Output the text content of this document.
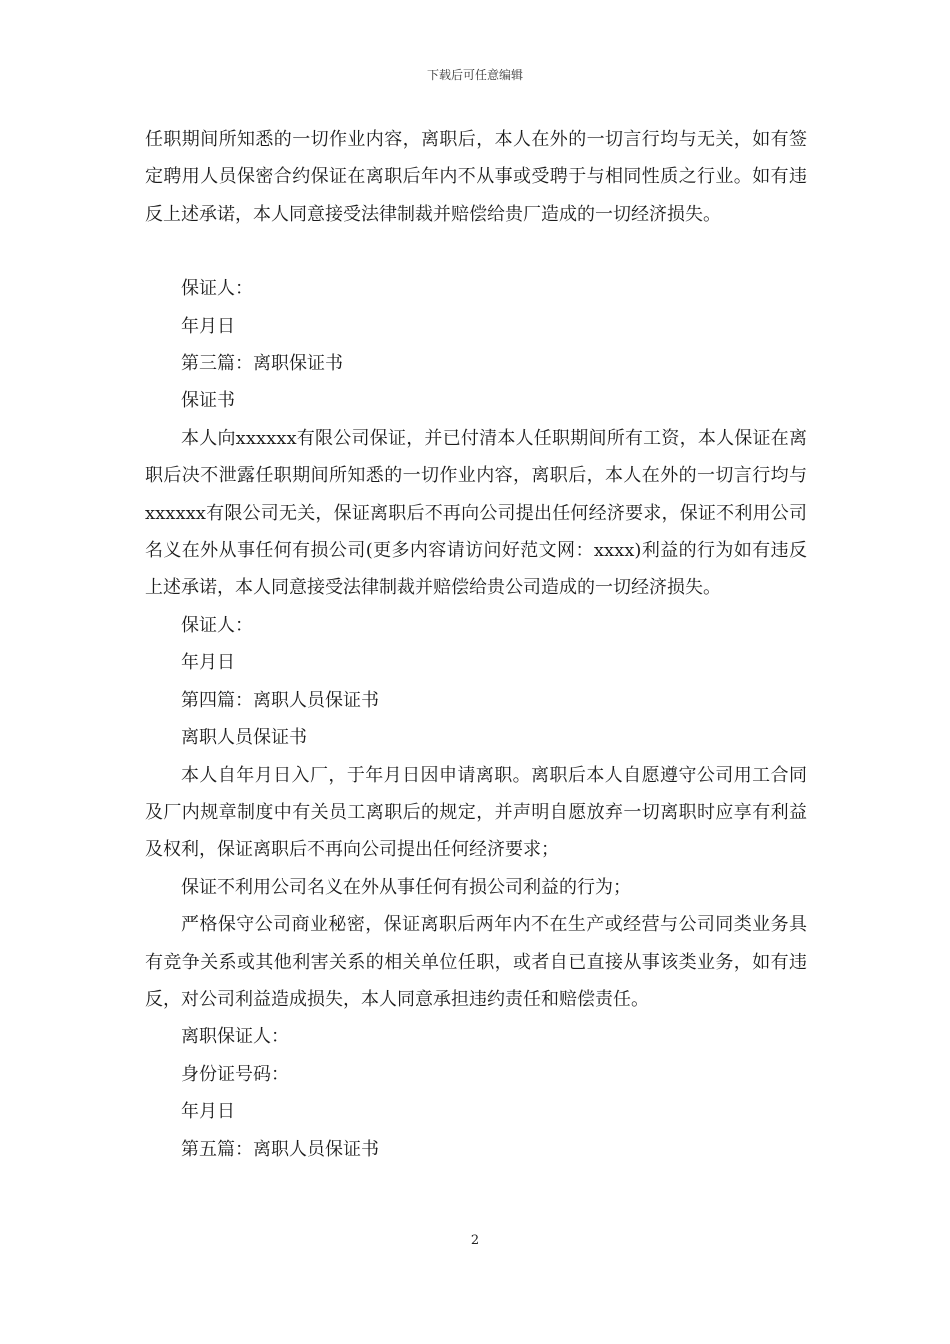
下载后可任意编辑

任职期间所知悉的一切作业内容，离职后，本人在外的一切言行均与无关，如有签定聘用人员保密合约保证在离职后年内不从事或受聘于与相同性质之行业。如有违反上述承诺，本人同意接受法律制裁并赔偿给贵厂造成的一切经济损失。

保证人：

年月日

第三篇：离职保证书

保证书

本人向xxxxxx有限公司保证，并已付清本人任职期间所有工资，本人保证在离职后决不泄露任职期间所知悉的一切作业内容，离职后，本人在外的一切言行均与xxxxxx有限公司无关，保证离职后不再向公司提出任何经济要求，保证不利用公司名义在外从事任何有损公司(更多内容请访问好范文网：xxxx)利益的行为如有违反上述承诺，本人同意接受法律制裁并赔偿给贵公司造成的一切经济损失。

保证人：

年月日

第四篇：离职人员保证书

离职人员保证书

本人自年月日入厂，于年月日因申请离职。离职后本人自愿遵守公司用工合同及厂内规章制度中有关员工离职后的规定，并声明自愿放弃一切离职时应享有利益及权利，保证离职后不再向公司提出任何经济要求；

保证不利用公司名义在外从事任何有损公司利益的行为；

严格保守公司商业秘密，保证离职后两年内不在生产或经营与公司同类业务具有竞争关系或其他利害关系的相关单位任职，或者自已直接从事该类业务，如有违反，对公司利益造成损失，本人同意承担违约责任和赔偿责任。

离职保证人：

身份证号码：

年月日

第五篇：离职人员保证书

2
